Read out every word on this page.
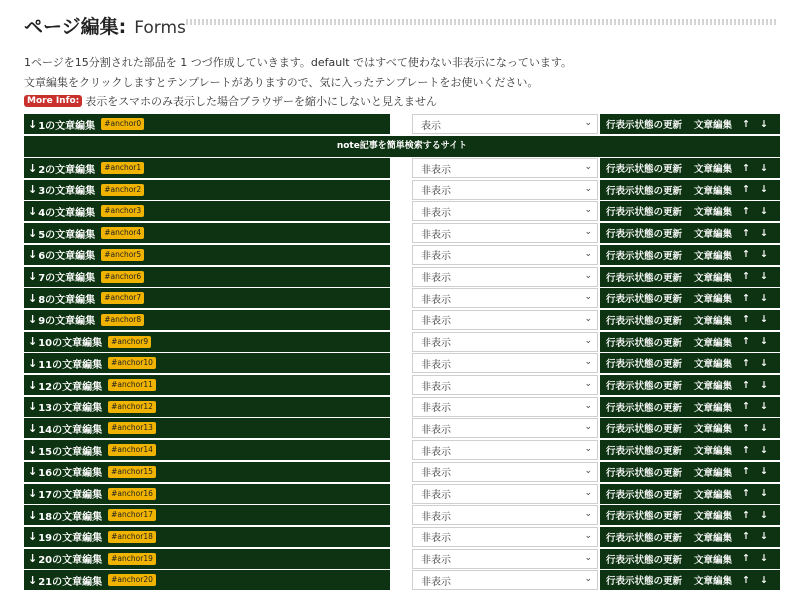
ページ編集: Forms
1ページを15分割された部品を 1 つづ作成していきます。default ではすべて使わない非表示になっています。
文章編集をクリックしますとテンプレートがありますので、気に入ったテンプレートをお使いください。
More Info: 表示をスマホのみ表示した場合ブラウザーを縮小にしないと見えません
↓ 1の文章編集	#anchor0	表示	⌄ 行表示状態の更新 文章編集 ↑ ↓
note記事を簡単検索するサイト
↓ 2の文章編集	#anchor1	非表示	⌄ 行表示状態の更新 文章編集 ↑ ↓
↓ 3の文章編集	#anchor2	非表示	⌄ 行表示状態の更新 文章編集 ↑ ↓
↓ 4の文章編集	#anchor3	非表示	⌄ 行表示状態の更新 文章編集 ↑ ↓
↓ 5の文章編集	#anchor4	非表示	⌄ 行表示状態の更新 文章編集 ↑ ↓
↓ 6の文章編集	#anchor5	非表示	⌄ 行表示状態の更新 文章編集 ↑ ↓
↓ 7の文章編集	#anchor6	非表示	⌄ 行表示状態の更新 文章編集 ↑ ↓
↓ 8の文章編集	#anchor7	非表示	⌄ 行表示状態の更新 文章編集 ↑ ↓
↓ 9の文章編集	#anchor8	非表示	⌄ 行表示状態の更新 文章編集 ↑ ↓
↓ 10の文章編集	#anchor9	非表示	⌄ 行表示状態の更新 文章編集 ↑ ↓
↓ 11の文章編集	#anchor10	非表示	⌄ 行表示状態の更新 文章編集 ↑ ↓
↓ 12の文章編集	#anchor11	非表示	⌄ 行表示状態の更新 文章編集 ↑ ↓
↓ 13の文章編集	#anchor12	非表示	⌄ 行表示状態の更新 文章編集 ↑ ↓
↓ 14の文章編集	#anchor13	非表示	⌄ 行表示状態の更新 文章編集 ↑ ↓
↓ 15の文章編集	#anchor14	非表示	⌄ 行表示状態の更新 文章編集 ↑ ↓
↓ 16の文章編集	#anchor15	非表示	⌄ 行表示状態の更新 文章編集 ↑ ↓
↓ 17の文章編集	#anchor16	非表示	⌄ 行表示状態の更新 文章編集 ↑ ↓
↓ 18の文章編集	#anchor17	非表示	⌄ 行表示状態の更新 文章編集 ↑ ↓
↓ 19の文章編集	#anchor18	非表示	⌄ 行表示状態の更新 文章編集 ↑ ↓
↓ 20の文章編集	#anchor19	非表示	⌄ 行表示状態の更新 文章編集 ↑ ↓
↓ 21の文章編集	#anchor20	非表示	⌄ 行表示状態の更新 文章編集 ↑ ↓
